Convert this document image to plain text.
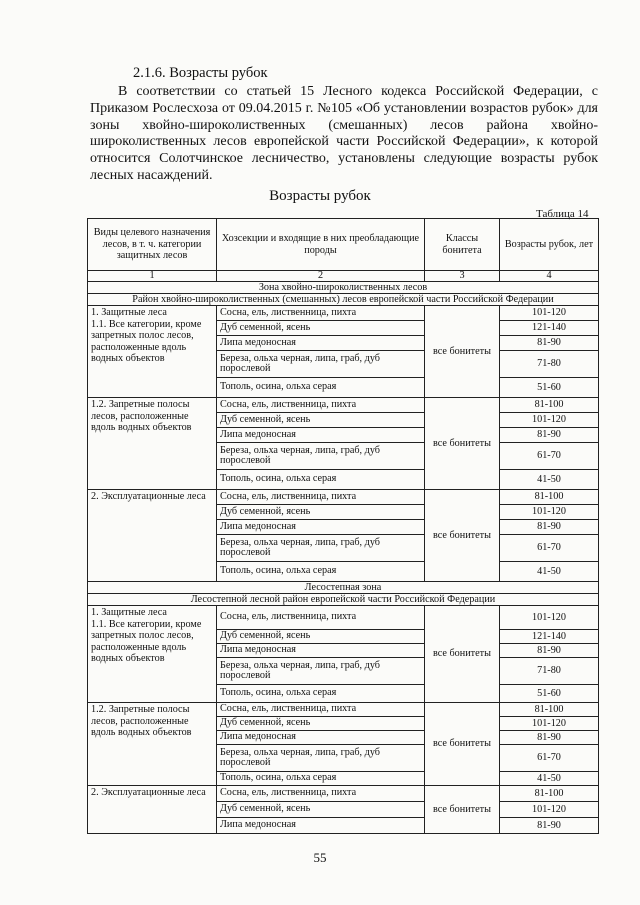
2.1.6. Возрасты рубок
В соответствии со статьей 15 Лесного кодекса Российской Федерации, с Приказом Рослесхоза от 09.04.2015 г. №105 «Об установлении возрастов рубок» для зоны хвойно-широколиственных (смешанных) лесов района хвойно-широколиственных лесов европейской части Российской Федерации», к которой относится Солотчинское лесничество, установлены следующие возрасты рубок лесных насаждений.
Возрасты рубок
Таблица 14
Виды целевого назначения лесов, в т. ч. категории защитных лесов	Хозсекции и входящие в них преобладающие породы	Классы бонитета	Возрасты рубок, лет
1	2	3	4
Зона хвойно-широколиственных лесов			
Район хвойно-широколиственных (смешанных) лесов европейской части Российской Федерации			
1. Защитные леса
1.1. Все категории, кроме запретных полос лесов, расположенные вдоль водных объектов	Сосна, ель, лиственница, пихта	все бонитеты	101-120
	Дуб семенной, ясень		121-140
	Липа медоносная		81-90
	Береза, ольха черная, липа, граб, дуб порослевой		71-80
	Тополь, осина, ольха серая		51-60
1.2. Запретные полосы лесов, расположенные вдоль водных объектов	Сосна, ель, лиственница, пихта	все бонитеты	81-100
	Дуб семенной, ясень		101-120
	Липа медоносная		81-90
	Береза, ольха черная, липа, граб, дуб порослевой		61-70
	Тополь, осина, ольха серая		41-50
2. Эксплуатационные леса	Сосна, ель, лиственница, пихта	все бонитеты	81-100
	Дуб семенной, ясень		101-120
	Липа медоносная		81-90
	Береза, ольха черная, липа, граб, дуб порослевой		61-70
	Тополь, осина, ольха серая		41-50
Лесостепная зона			
Лесостепной лесной район европейской части Российской Федерации			
1. Защитные леса
1.1. Все категории, кроме запретных полос лесов, расположенные вдоль водных объектов	Сосна, ель, лиственница, пихта	все бонитеты	101-120
	Дуб семенной, ясень		121-140
	Липа медоносная		81-90
	Береза, ольха черная, липа, граб, дуб порослевой		71-80
	Тополь, осина, ольха серая		51-60
1.2. Запретные полосы лесов, расположенные вдоль водных объектов	Сосна, ель, лиственница, пихта	все бонитеты	81-100
	Дуб семенной, ясень		101-120
	Липа медоносная		81-90
	Береза, ольха черная, липа, граб, дуб порослевой		61-70
	Тополь, осина, ольха серая		41-50
2. Эксплуатационные леса	Сосна, ель, лиственница, пихта	все бонитеты	81-100
	Дуб семенной, ясень		101-120
	Липа медоносная		81-90
55
